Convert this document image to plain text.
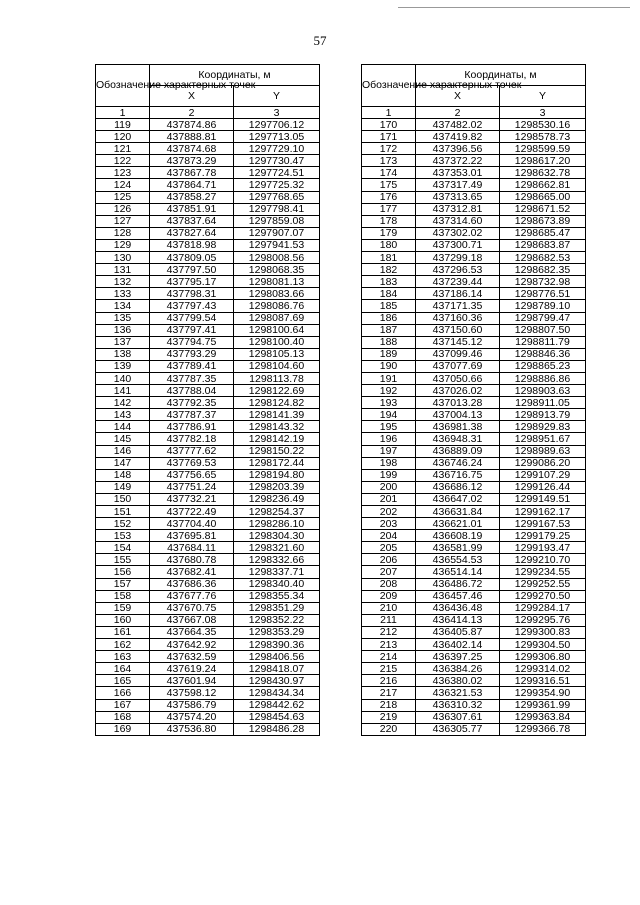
57
Обозначение характерных точек	Координаты, м	
	X	Y
1	2	3
119	437874.86	1297706.12
120	437888.81	1297713.05
121	437874.68	1297729.10
122	437873.29	1297730.47
123	437867.78	1297724.51
124	437864.71	1297725.32
125	437858.27	1297768.65
126	437851.91	1297798.41
127	437837.64	1297859.08
128	437827.64	1297907.07
129	437818.98	1297941.53
130	437809.05	1298008.56
131	437797.50	1298068.35
132	437795.17	1298081.13
133	437798.31	1298083.66
134	437797.43	1298086.76
135	437799.54	1298087.69
136	437797.41	1298100.64
137	437794.75	1298100.40
138	437793.29	1298105.13
139	437789.41	1298104.60
140	437787.35	1298113.78
141	437788.04	1298122.69
142	437792.35	1298124.82
143	437787.37	1298141.39
144	437786.91	1298143.32
145	437782.18	1298142.19
146	437777.62	1298150.22
147	437769.53	1298172.44
148	437756.65	1298194.80
149	437751.24	1298203.39
150	437732.21	1298236.49
151	437722.49	1298254.37
152	437704.40	1298286.10
153	437695.81	1298304.30
154	437684.11	1298321.60
155	437680.78	1298332.66
156	437682.41	1298337.71
157	437686.36	1298340.40
158	437677.76	1298355.34
159	437670.75	1298351.29
160	437667.08	1298352.22
161	437664.35	1298353.29
162	437642.92	1298390.36
163	437632.59	1298406.56
164	437619.24	1298418.07
165	437601.94	1298430.97
166	437598.12	1298434.34
167	437586.79	1298442.62
168	437574.20	1298454.63
169	437536.80	1298486.28
Обозначение характерных точек	Координаты, м	
	X	Y
1	2	3
170	437482.02	1298530.16
171	437419.82	1298578.73
172	437396.56	1298599.59
173	437372.22	1298617.20
174	437353.01	1298632.78
175	437317.49	1298662.81
176	437313.65	1298665.00
177	437312.81	1298671.52
178	437314.60	1298673.89
179	437302.02	1298685.47
180	437300.71	1298683.87
181	437299.18	1298682.53
182	437296.53	1298682.35
183	437239.44	1298732.98
184	437186.14	1298776.51
185	437171.35	1298789.10
186	437160.36	1298799.47
187	437150.60	1298807.50
188	437145.12	1298811.79
189	437099.46	1298846.36
190	437077.69	1298865.23
191	437050.66	1298886.86
192	437026.02	1298903.63
193	437013.28	1298911.05
194	437004.13	1298913.79
195	436981.38	1298929.83
196	436948.31	1298951.67
197	436889.09	1298989.63
198	436746.24	1299086.20
199	436716.75	1299107.29
200	436686.12	1299126.44
201	436647.02	1299149.51
202	436631.84	1299162.17
203	436621.01	1299167.53
204	436608.19	1299179.25
205	436581.99	1299193.47
206	436554.53	1299210.70
207	436514.14	1299234.55
208	436486.72	1299252.55
209	436457.46	1299270.50
210	436436.48	1299284.17
211	436414.13	1299295.76
212	436405.87	1299300.83
213	436402.14	1299304.50
214	436397.25	1299306.80
215	436384.26	1299314.02
216	436380.02	1299316.51
217	436321.53	1299354.90
218	436310.32	1299361.99
219	436307.61	1299363.84
220	436305.77	1299366.78
